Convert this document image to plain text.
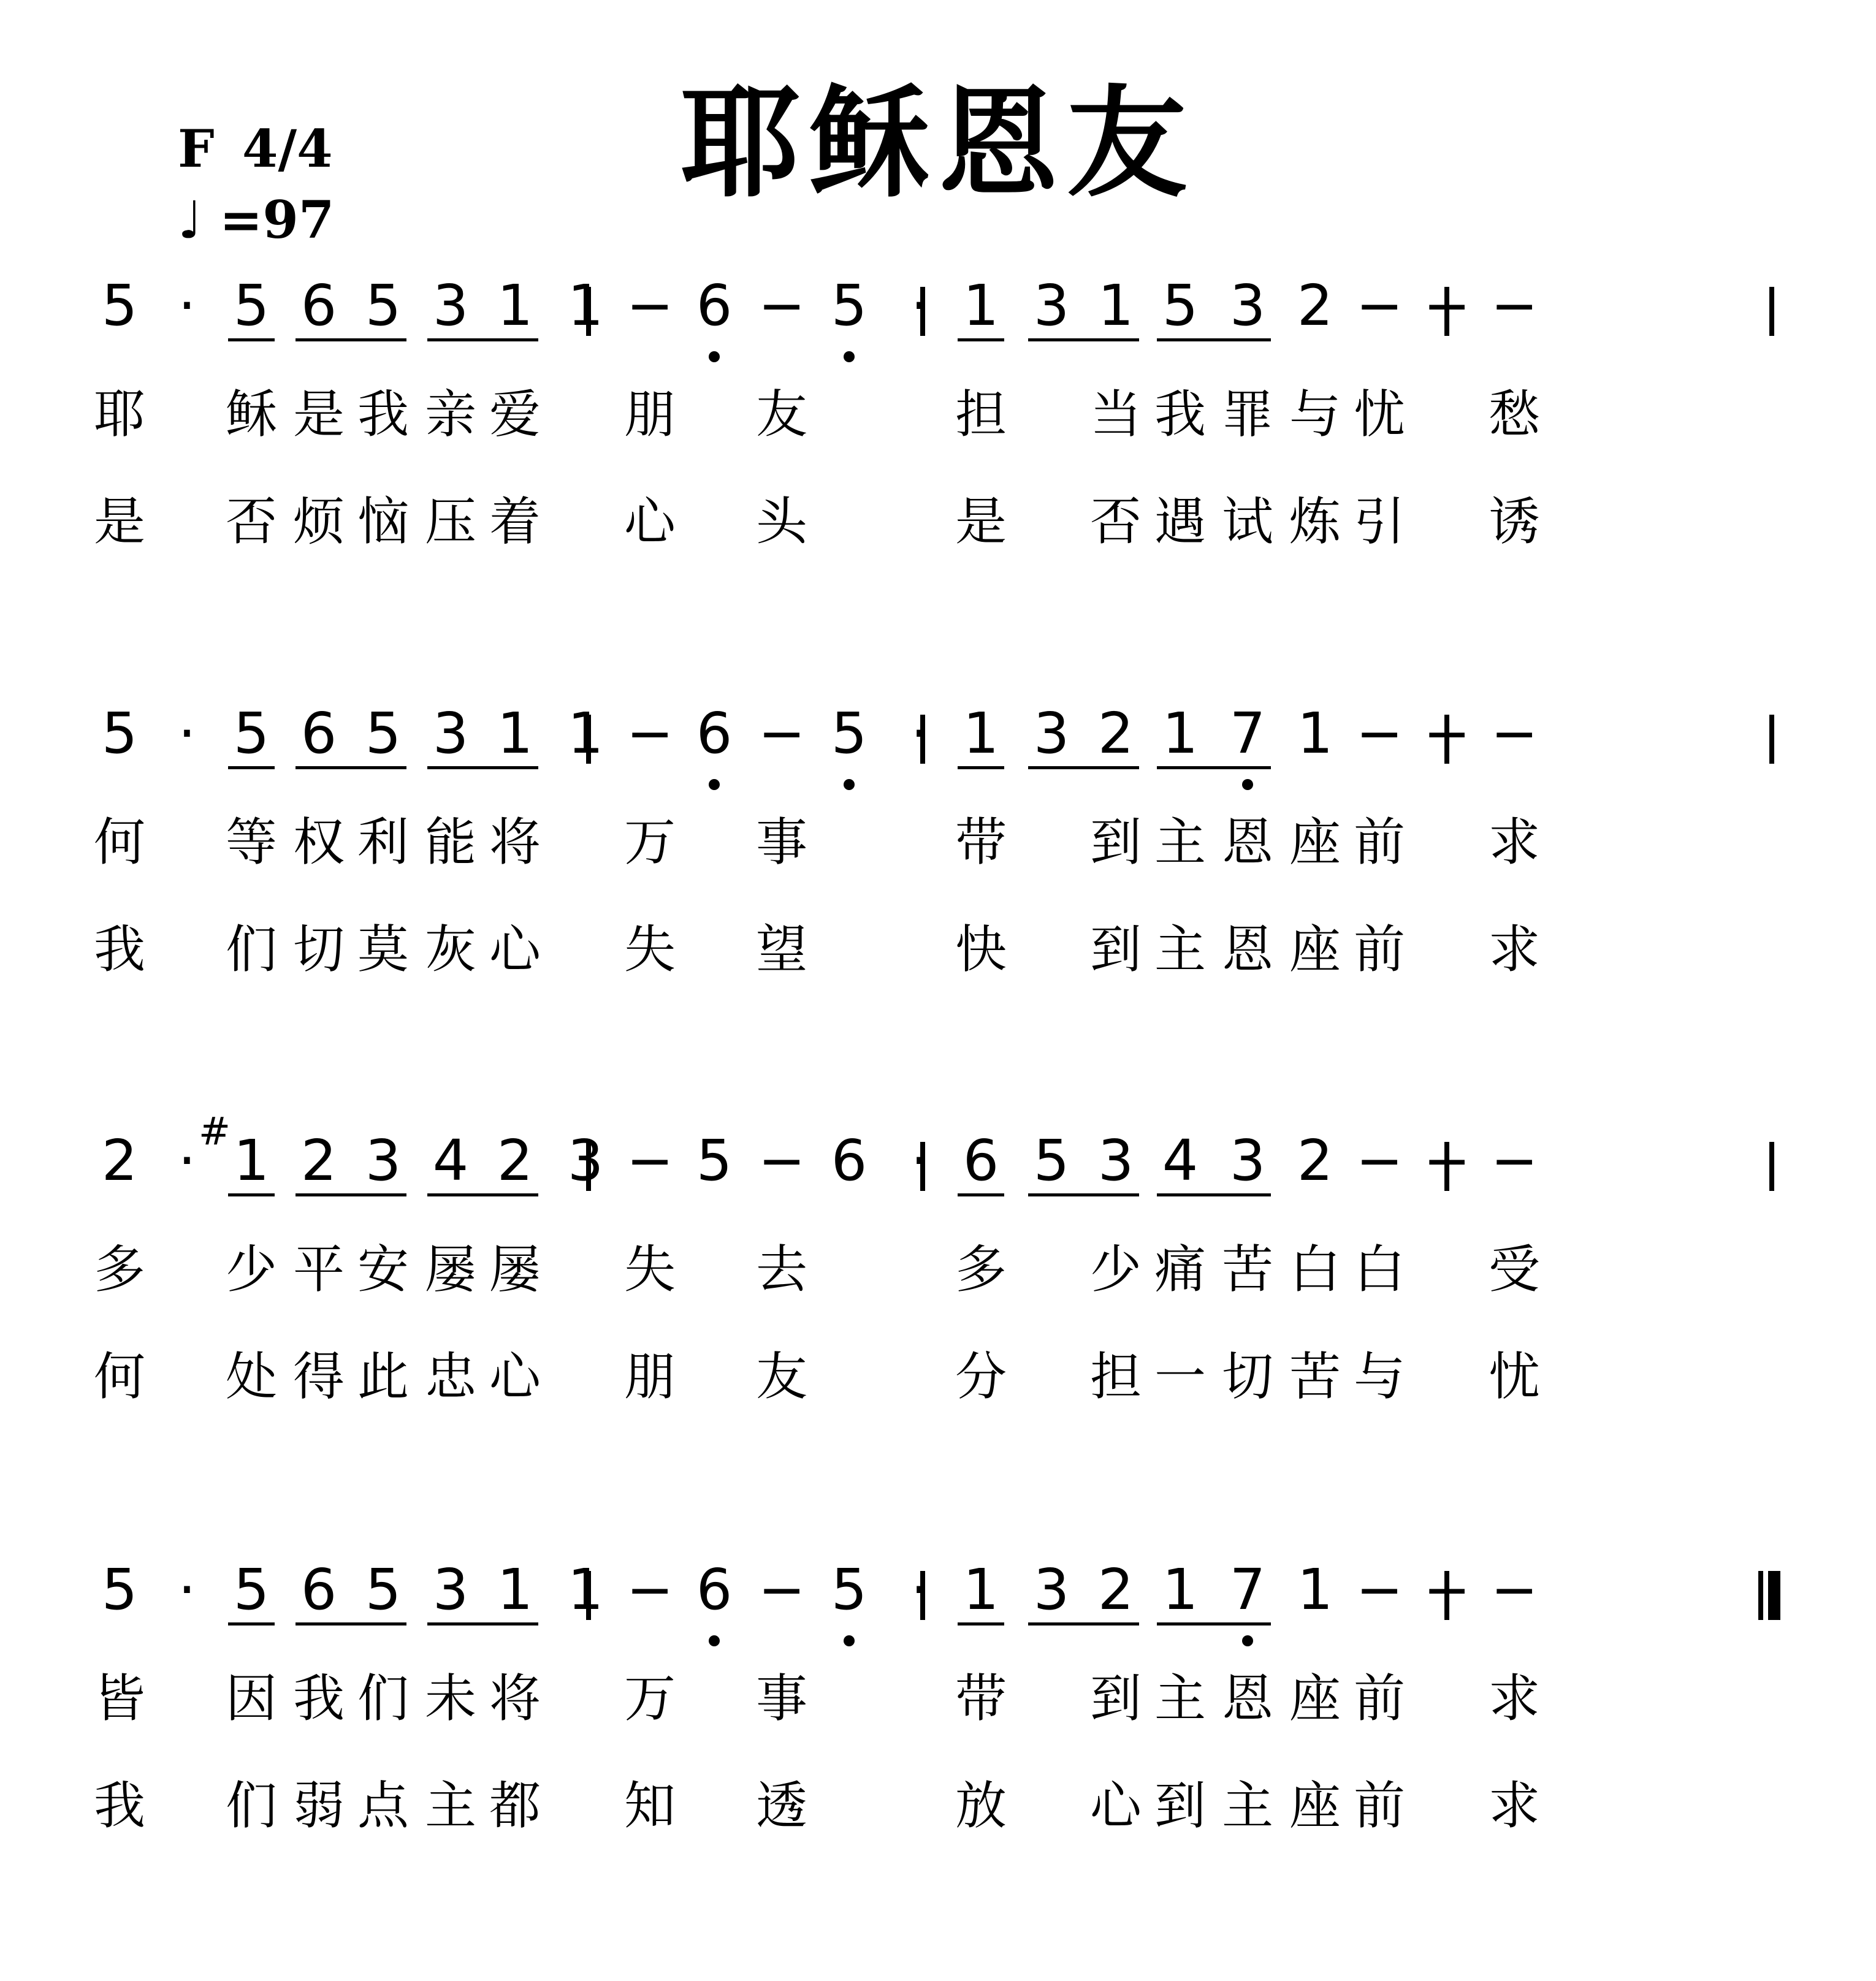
F 4/4
♩ =97
耶稣恩友
5 · 5 6 5 3 1 1 − 6 − 5 · 1 3 1 5 3 2 − − −
耶 稣 是 我 亲 爱 朋 友	担 当 我 罪 与 忧 愁
是 否 烦 恼 压 着 心 头	是 否 遇 试 炼 引 诱
5 · 5 6 5 3 1 1 − 6 − 5 · 1 3 2 1 7 1 − − −
何 等 权 利 能 将 万 事	带 到 主 恩 座 前 求
我 们 切 莫 灰 心 失 望	快 到 主 恩 座 前 求
2 · 1
# 2 3 4 2 3 − 5 − 6 · 6 5 3 4 3 2 − − −
多 少 平 安 屡 屡 失 去	多 少 痛 苦 白 白 受
何 处 得 此 忠 心 朋 友	分 担 一 切 苦 与 忧
5 · 5 6 5 3 1 1 − 6 − 5 · 1 3 2 1 7 1 − − −
皆 因 我 们 未 将 万 事	带 到 主 恩 座 前 求
我 们 弱 点 主 都 知 透	放 心 到 主 座 前 求
